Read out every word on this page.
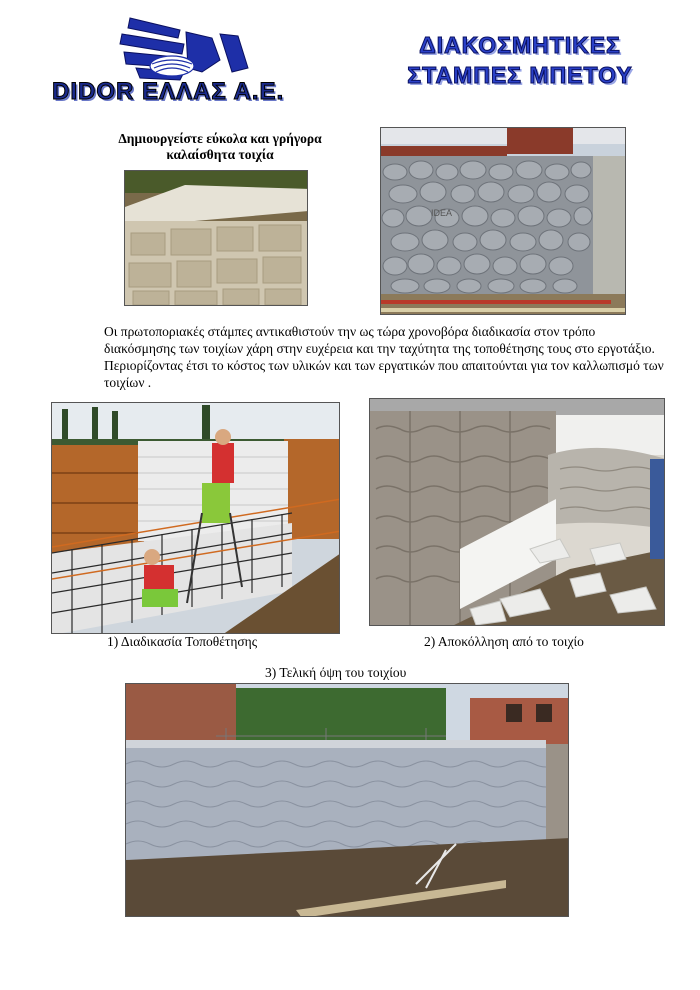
DIDOR ΕΛΛΑΣ Α.Ε.
ΔΙΑΚΟΣΜΗΤΙΚΕΣ
ΣΤΑΜΠΕΣ ΜΠΕΤΟΥ
Δημιουργείστε εύκολα και γρήγορα
καλαίσθητα τοιχία
IDEA
Οι πρωτοποριακές στάμπες αντικαθιστούν την ως τώρα χρονοβόρα διαδικασία στον τρόπο διακόσμησης των τοιχίων χάρη στην ευχέρεια και την ταχύτητα της τοποθέτησης τους στο εργοτάξιο. Περιορίζοντας έτσι το κόστος των υλικών και των εργατικών που απαιτούνται για τον καλλωπισμό των τοιχίων .
1) Διαδικασία Τοποθέτησης	2) Αποκόλληση από το τοιχίο
3) Τελική όψη του τοιχίου
